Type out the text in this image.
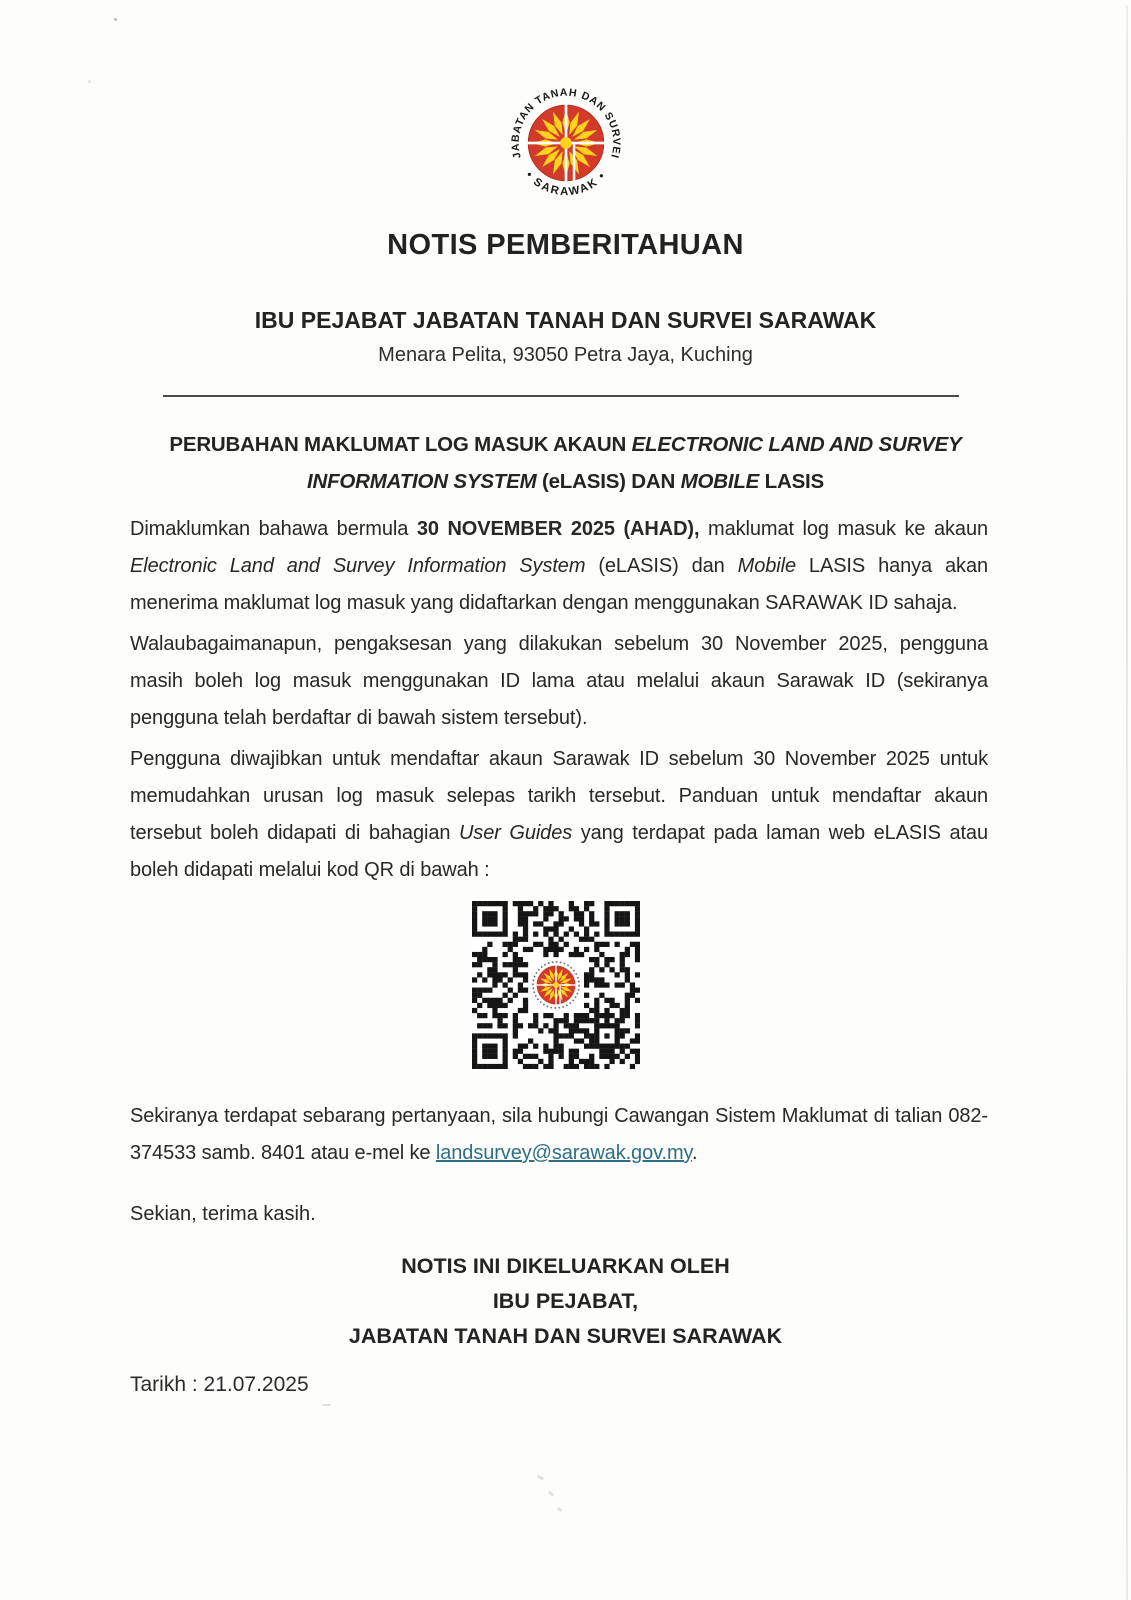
JABATAN TANAH DAN SURVEI
• SARAWAK •
NOTIS PEMBERITAHUAN
IBU PEJABAT JABATAN TANAH DAN SURVEI SARAWAK
Menara Pelita, 93050 Petra Jaya, Kuching
PERUBAHAN MAKLUMAT LOG MASUK AKAUN ELECTRONIC LAND AND SURVEY INFORMATION SYSTEM (eLASIS) DAN MOBILE LASIS

Dimaklumkan bahawa bermula 30 NOVEMBER 2025 (AHAD), maklumat log masuk ke akaun Electronic Land and Survey Information System (eLASIS) dan Mobile LASIS hanya akan menerima maklumat log masuk yang didaftarkan dengan menggunakan SARAWAK ID sahaja.

Walaubagaimanapun, pengaksesan yang dilakukan sebelum 30 November 2025, pengguna masih boleh log masuk menggunakan ID lama atau melalui akaun Sarawak ID (sekiranya pengguna telah berdaftar di bawah sistem tersebut).

Pengguna diwajibkan untuk mendaftar akaun Sarawak ID sebelum 30 November 2025 untuk memudahkan urusan log masuk selepas tarikh tersebut. Panduan untuk mendaftar akaun tersebut boleh didapati di bahagian User Guides yang terdapat pada laman web eLASIS atau boleh didapati melalui kod QR di bawah :

Sekiranya terdapat sebarang pertanyaan, sila hubungi Cawangan Sistem Maklumat di talian 082-374533 samb. 8401 atau e-mel ke landsurvey@sarawak.gov.my.

Sekian, terima kasih.

NOTIS INI DIKELUARKAN OLEH
IBU PEJABAT,
JABATAN TANAH DAN SURVEI SARAWAK
Tarikh : 21.07.2025
